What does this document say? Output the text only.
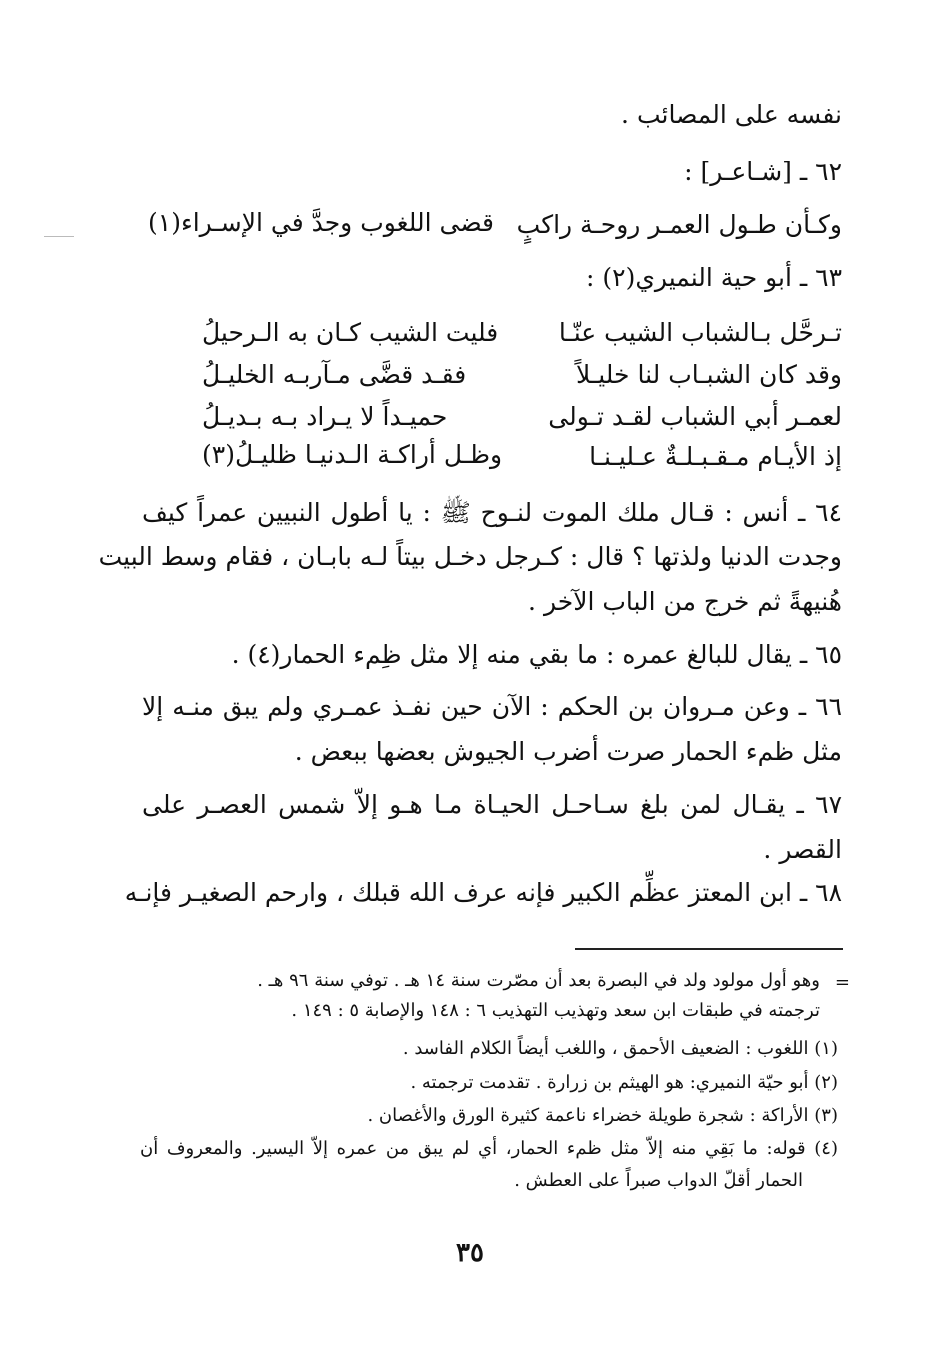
نفسه على المصائب .
٦٢ ـ [شـاعـر] :
وكـأن طـول العمـر روحـة راكبٍ
قضى اللغوب وجدَّ في الإسـراء(١)
٦٣ ـ أبو حية النميري(٢) :
تـرحَّل بـالشباب الشيب عنّـا
فليت الشيب كـان به الـرحيلُ
وقد كان الشبـاب لنا خليـلاً
فقـد قضَّى مـآربـه الخليـلُ
لعمـر أبي الشباب لقـد تـولى
حميـداً لا يـراد بـه بـديـلُ
إذ الأيـام مـقـبـلـةٌ عـليـنـا
وظـل أراكـة الـدنيـا ظليـلُ(٣)
٦٤ ـ أنس : قـال ملك الموت لنـوح ﷺ : يا أطول النبيين عمراً كيف
وجدت الدنيا ولذتها ؟ قال : كـرجل دخـل بيتاً لـه بابـان ، فقام وسط البيت
هُنيهةً ثم خرج من الباب الآخر .
٦٥ ـ يقال للبالغ عمره : ما بقي منه إلا مثل ظِمء الحمار(٤) .
٦٦ ـ وعن مـروان بن الحكم : الآن حين نفـذ عمـري ولم يبق منـه إلا
مثل ظمء الحمار صرت أضرب الجيوش بعضها ببعض .
٦٧ ـ يقـال لمن بلغ سـاحـل الحيـاة مـا هـو إلاّ شمس العصـر على
القصر .
٦٨ ـ ابن المعتز عظِّم الكبير فإنه عرف الله قبلك ، وارحم الصغيـر فإنـه
=
وهو أول مولود ولد في البصرة بعد أن مصّرت سنة ١٤ هـ . توفي سنة ٩٦ هـ .
ترجمته في طبقات ابن سعد وتهذيب التهذيب ٦ : ١٤٨ والإصابة ٥ : ١٤٩ .
(١) اللغوب : الضعيف الأحمق ، واللغب أيضاً الكلام الفاسد .
(٢) أبو حيّة النميري: هو الهيثم بن زرارة . تقدمت ترجمته .
(٣) الأراكة : شجرة طويلة خضراء ناعمة كثيرة الورق والأغصان .
(٤) قوله: ما بَقِي منه إلاّ مثل ظمء الحمار، أي لم يبق من عمره إلاّ اليسير. والمعروف أن
الحمار أقلّ الدواب صبراً على العطش .
٣٥
